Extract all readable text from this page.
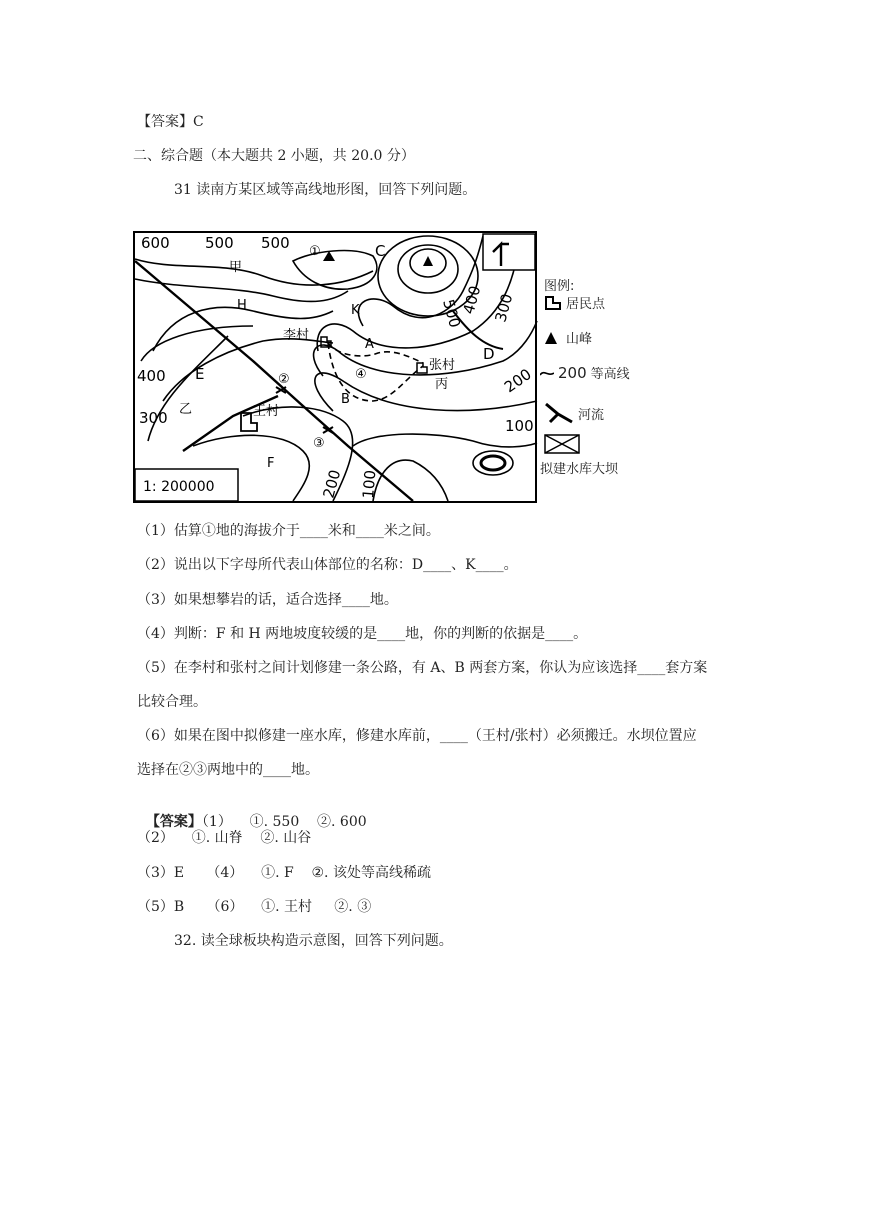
【答案】C
二、综合题（本大题共 2 小题，共 20.0 分）
31 读南方某区域等高线地形图，回答下列问题。
1: 200000
600 500 500
500
400 300
400
300
200
100
200 100
甲
H
李村
K
C
A
④
张村
丙
D
B
E
乙
②
王村
③
F
①
图例:
居民点
山峰
200 等高线
河流
拟建水库大坝
（1）估算①地的海拔介于____米和____米之间。
（2）说出以下字母所代表山体部位的名称：D____、K____。
（3）如果想攀岩的话，适合选择____地。
（4）判断：F 和 H 两地坡度较缓的是____地，你的判断的依据是____。
（5）在李村和张村之间计划修建一条公路，有 A、B 两套方案，你认为应该选择____套方案
比较合理。
（6）如果在图中拟修建一座水库，修建水库前，____（王村/张村）必须搬迁。水坝位置应
选择在②③两地中的____地。

【答案】（1）    ①. 550    ②. 600

（2）    ①. 山脊    ②. 山谷
（3）E     （4）    ①. F    ②. 该处等高线稀疏
（5）B     （6）    ①. 王村     ②. ③
32. 读全球板块构造示意图，回答下列问题。
